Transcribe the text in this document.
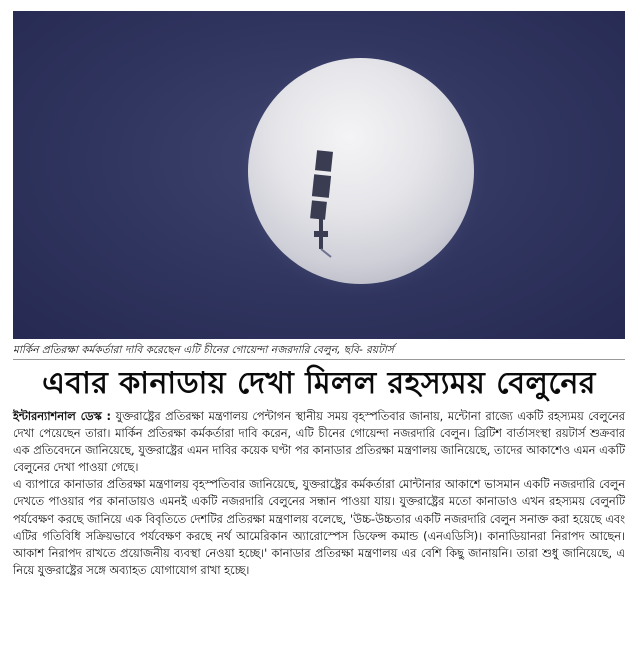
মার্কিন প্রতিরক্ষা কর্মকর্তারা দাবি করেছেন এটি চীনের গোয়েন্দা নজরদারি বেলুন, ছবি- রয়টার্স
এবার কানাডায় দেখা মিলল রহস্যময় বেলুনের

ইন্টারন্যাশনাল ডেস্ক : যুক্তরাষ্ট্রের প্রতিরক্ষা মন্ত্রণালয় পেন্টাগন স্থানীয় সময় বৃহস্পতিবার জানায়, মন্টোনা রাজ্যে একটি রহস্যময় বেলুনের দেখা পেয়েছেন তারা। মার্কিন প্রতিরক্ষা কর্মকর্তারা দাবি করেন, এটি চীনের গোয়েন্দা নজরদারি বেলুন। ব্রিটিশ বার্তাসংস্থা রয়টার্স শুক্রবার এক প্রতিবেদনে জানিয়েছে, যুক্তরাষ্ট্রের এমন দাবির কয়েক ঘণ্টা পর কানাডার প্রতিরক্ষা মন্ত্রণালয় জানিয়েছে, তাদের আকাশেও এমন একটি বেলুনের দেখা পাওয়া গেছে।

এ ব্যাপারে কানাডার প্রতিরক্ষা মন্ত্রণালয় বৃহস্পতিবার জানিয়েছে, যুক্তরাষ্ট্রের কর্মকর্তারা মোন্টানার আকাশে ভাসমান একটি নজরদারি বেলুন দেখতে পাওয়ার পর কানাডায়ও এমনই একটি নজরদারি বেলুনের সন্ধান পাওয়া যায়। যুক্তরাষ্ট্রের মতো কানাডাও এখন রহস্যময় বেলুনটি পর্যবেক্ষণ করছে জানিয়ে এক বিবৃতিতে দেশটির প্রতিরক্ষা মন্ত্রণালয় বলেছে, 'উচ্চ-উচ্চতার একটি নজরদারি বেলুন সনাক্ত করা হয়েছে এবং এটির গতিবিধি সক্রিয়ভাবে পর্যবেক্ষণ করছে নর্থ আমেরিকান অ্যারোস্পেস ডিফেন্স কমান্ড (এনএডিসি)। কানাডিয়ানরা নিরাপদ আছেন। আকাশ নিরাপদ রাখতে প্রয়োজনীয় ব্যবস্থা নেওয়া হচ্ছে।' কানাডার প্রতিরক্ষা মন্ত্রণালয় এর বেশি কিছু জানায়নি। তারা শুধু জানিয়েছে, এ নিয়ে যুক্তরাষ্ট্রের সঙ্গে অব্যাহত যোগাযোগ রাখা হচ্ছে।
